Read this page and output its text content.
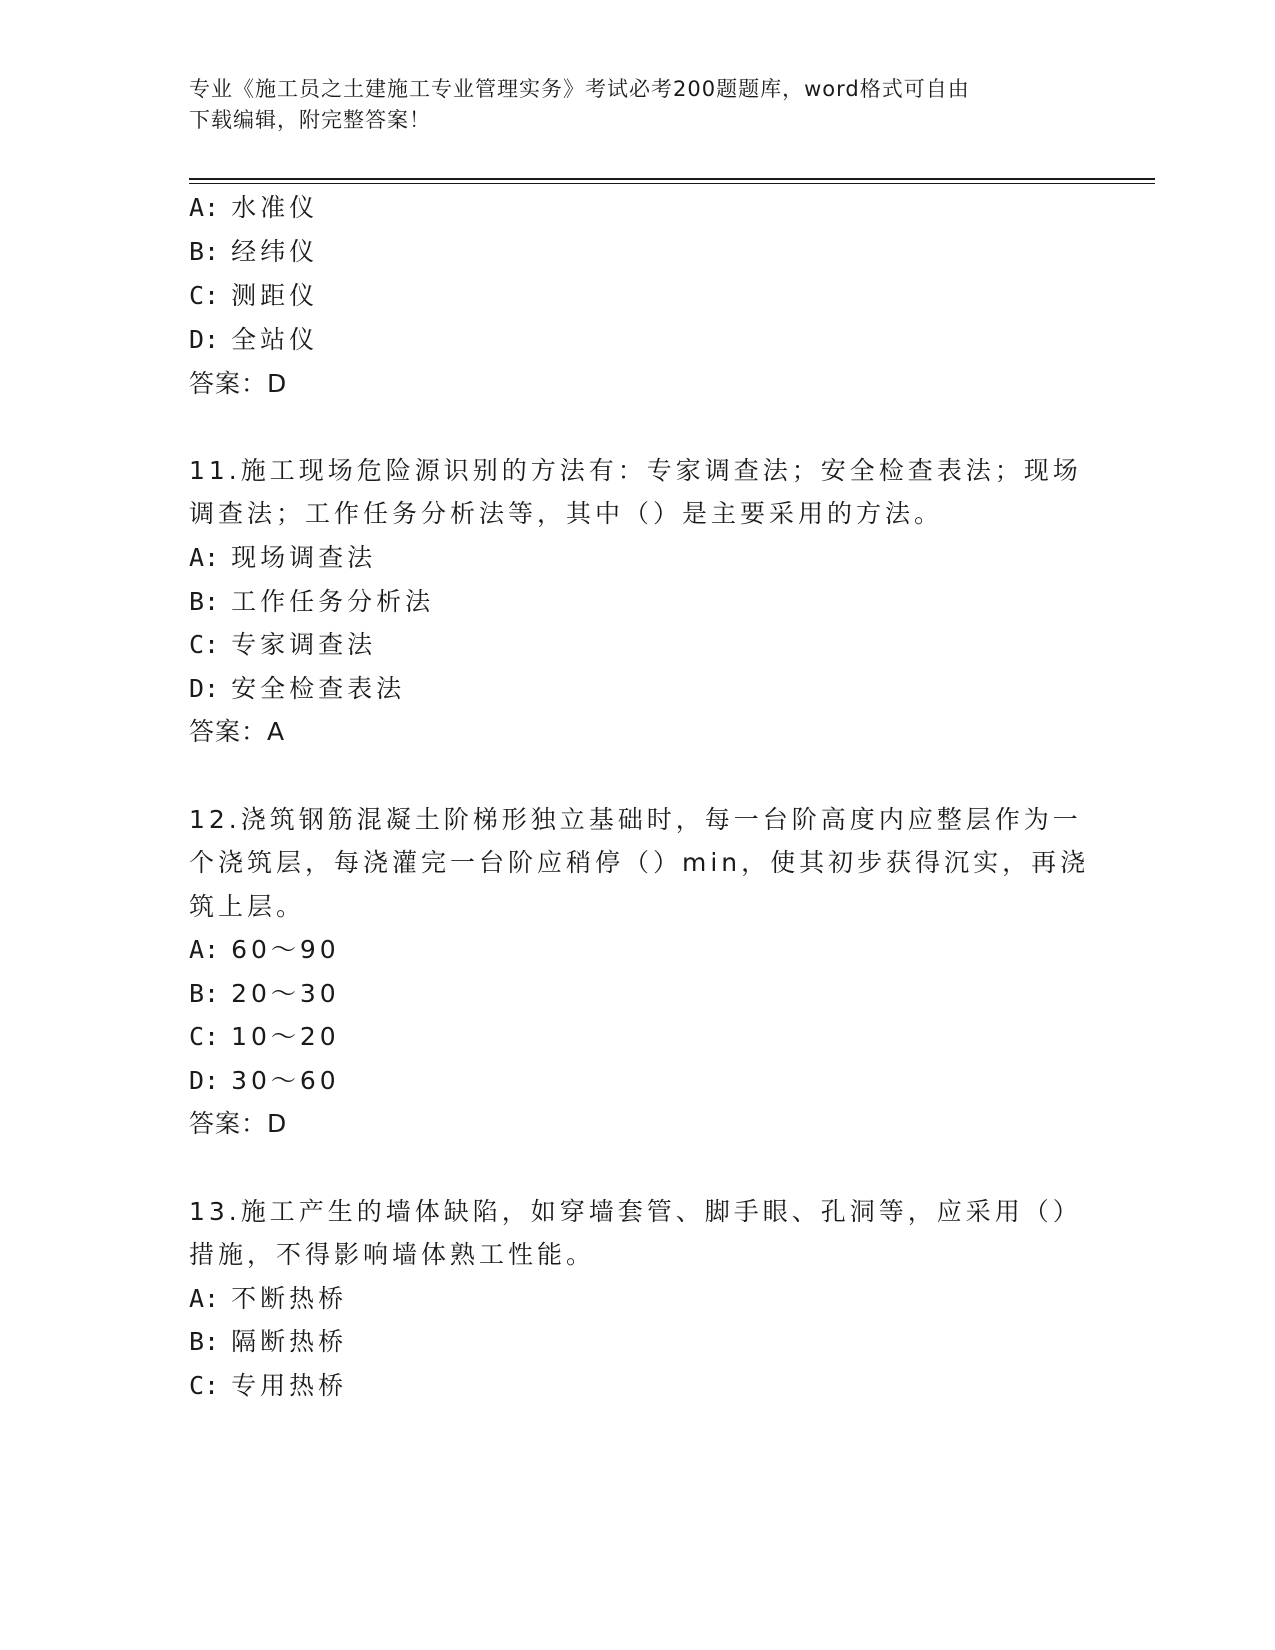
专业《施工员之土建施工专业管理实务》考试必考200题题库，word格式可自由
下载编辑，附完整答案！
A: 水准仪
B: 经纬仪
C: 测距仪
D: 全站仪
答案：D
11.施工现场危险源识别的方法有：专家调查法；安全检查表法；现场
调查法；工作任务分析法等，其中（）是主要采用的方法。
A: 现场调查法
B: 工作任务分析法
C: 专家调查法
D: 安全检查表法
答案：A
12.浇筑钢筋混凝土阶梯形独立基础时，每一台阶高度内应整层作为一
个浇筑层，每浇灌完一台阶应稍停（）min，使其初步获得沉实，再浇
筑上层。
A: 60～90
B: 20～30
C: 10～20
D: 30～60
答案：D
13.施工产生的墙体缺陷，如穿墙套管、脚手眼、孔洞等，应采用（）
措施，不得影响墙体熟工性能。
A: 不断热桥
B: 隔断热桥
C: 专用热桥
